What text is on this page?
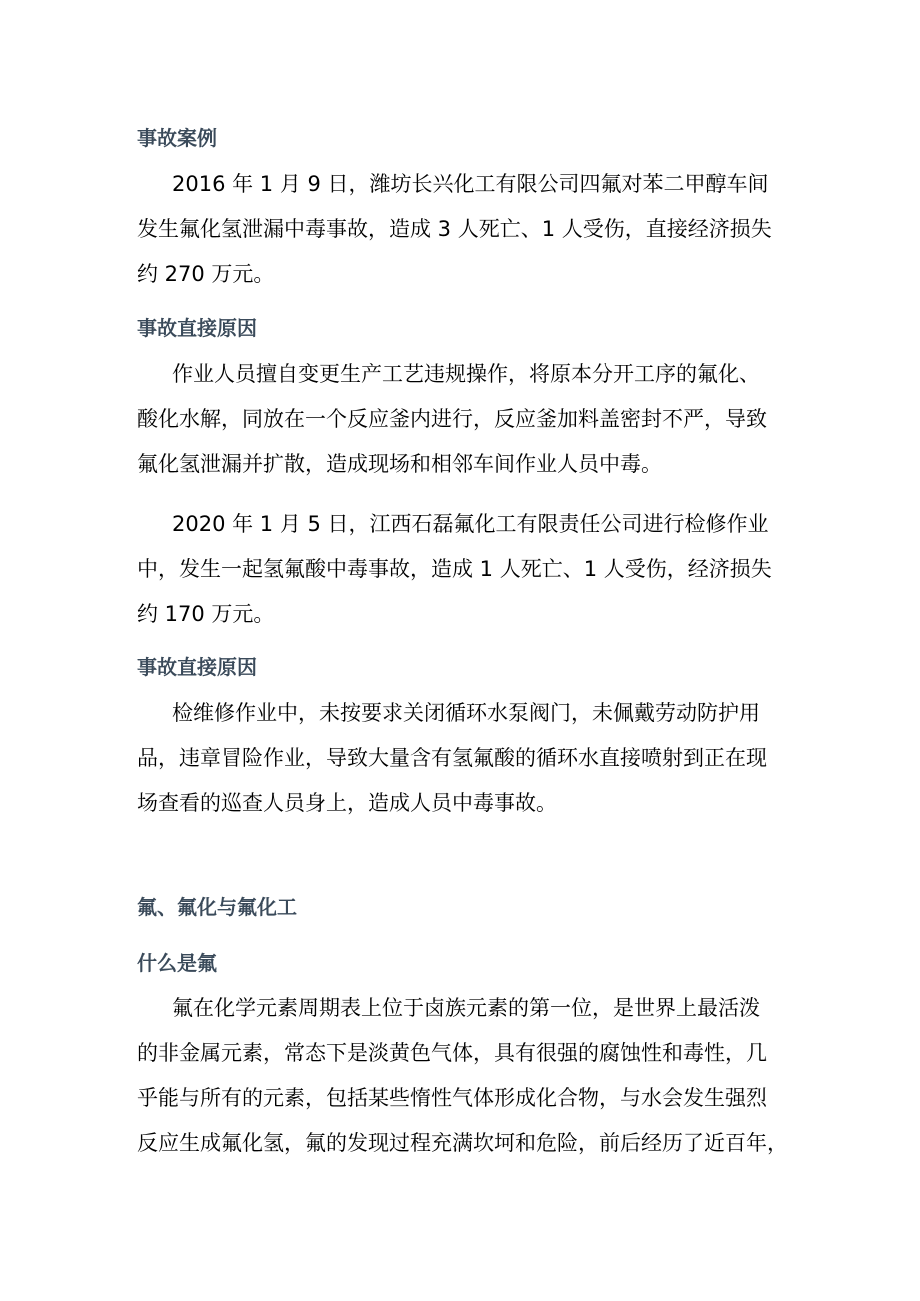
事故案例
2016 年 1 月 9 日，潍坊长兴化工有限公司四氟对苯二甲醇车间
发生氟化氢泄漏中毒事故，造成 3 人死亡、1 人受伤，直接经济损失
约 270 万元。
事故直接原因
作业人员擅自变更生产工艺违规操作，将原本分开工序的氟化、
酸化水解，同放在一个反应釜内进行，反应釜加料盖密封不严，导致
氟化氢泄漏并扩散，造成现场和相邻车间作业人员中毒。
2020 年 1 月 5 日，江西石磊氟化工有限责任公司进行检修作业
中，发生一起氢氟酸中毒事故，造成 1 人死亡、1 人受伤，经济损失
约 170 万元。
事故直接原因
检维修作业中，未按要求关闭循环水泵阀门，未佩戴劳动防护用
品，违章冒险作业，导致大量含有氢氟酸的循环水直接喷射到正在现
场查看的巡查人员身上，造成人员中毒事故。
氟、氟化与氟化工
什么是氟
氟在化学元素周期表上位于卤族元素的第一位，是世界上最活泼
的非金属元素，常态下是淡黄色气体，具有很强的腐蚀性和毒性，几
乎能与所有的元素，包括某些惰性气体形成化合物，与水会发生强烈
反应生成氟化氢，氟的发现过程充满坎坷和危险，前后经历了近百年，
